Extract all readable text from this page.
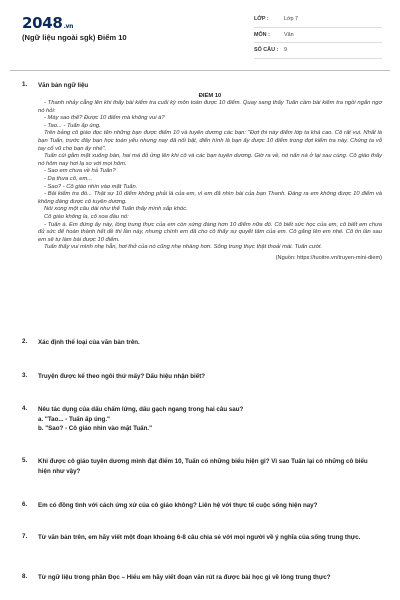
2048.vn
(Ngữ liệu ngoài sgk) Điểm 10
LỚP :	Lớp 7
MÔN :	Văn
SỐ CÂU :	9
1.	Văn bản ngữ liệu
ĐIỂM 10

- Thanh nhảy cẫng lên khi thấy bài kiểm tra cuối kỳ môn toán được 10 điểm. Quay sang thấy Tuấn cầm bài kiểm tra ngồi ngẩn ngơ nó hỏi:

- Mày sao thế? Được 10 điểm mà không vui à?

- Tao... - Tuấn ấp úng.

Trên bảng cô giáo đọc tên những bạn được điểm 10 và tuyên dương các bạn: "Đợt thi này điểm lớp ta khá cao. Cô rất vui. Nhất là bạn Tuấn, trước đây bạn học toán yếu nhưng nay đã nổi bật, điển hình là bạn ấy được 10 điểm trong đợt kiểm tra này. Chúng ta vỗ tay cổ vũ cho bạn ấy nhé".

Tuấn cúi gằm mặt xuống bàn, hai má đỏ ửng lên khi cô và các bạn tuyên dương. Giờ ra về, nó nấn ná ở lại sau cùng. Cô giáo thấy nó hôm nay hơi lạ so với mọi hôm.

- Sao em chưa về hả Tuấn?

- Dạ thưa cô, em...

- Sao? - Cô giáo nhìn vào mặt Tuấn.

- Bài kiểm tra đó... Thật sự 10 điểm không phải là của em, vì em đã nhìn bài của bạn Thanh. Đáng ra em không được 10 điểm và không đáng được cô tuyên dương.

Nói xong một câu dài như thế Tuấn thấy mình sắp khóc.

Cô giáo không la, cô xoa đầu nó:

- Tuấn à. Em đứng ấy này, lòng trung thực của em còn xứng đáng hơn 10 điểm nữa đó. Cô biết sức học của em, cô biết em chưa đủ sức để hoàn thành hết đề thi lần này, nhưng chính em đã cho cô thấy sự quyết tâm của em. Cô gắng lên em nhé. Cô tin lần sau em sẽ tự làm bài được 10 điểm.

Tuấn thấy vui mình nhẹ hẫn, hơi thở của nó cũng nhẹ nhàng hơn. Sống trung thực thật thoải mái. Tuấn cười.

(Nguồn: https://tuoitre.vn/truyen-mini-diem)
2.	Xác định thể loại của văn bản trên.
3.	Truyện được kể theo ngôi thứ mấy? Dấu hiệu nhận biết?
4.	Nêu tác dụng của dấu chấm lửng, dấu gạch ngang trong hai câu sau?
a. "Tao... - Tuấn ấp úng."
b. "Sao? - Cô giáo nhìn vào mặt Tuấn."
5.	Khi được cô giáo tuyên dương mình đạt điểm 10, Tuấn có những biểu hiện gì? Vì sao Tuấn lại có những cô biểu hiện như vậy?
6.	Em có đồng tình với cách ứng xử của cô giáo không? Liên hệ với thực tế cuộc sống hiện nay?
7.	Từ văn bản trên, em hãy viết một đoạn khoảng 6-8 câu chia sẻ với mọi người về ý nghĩa của sống trung thực.
8.	Từ ngữ liệu trong phần Đọc – Hiểu em hãy viết đoạn văn rút ra được bài học gì về lòng trung thực?
